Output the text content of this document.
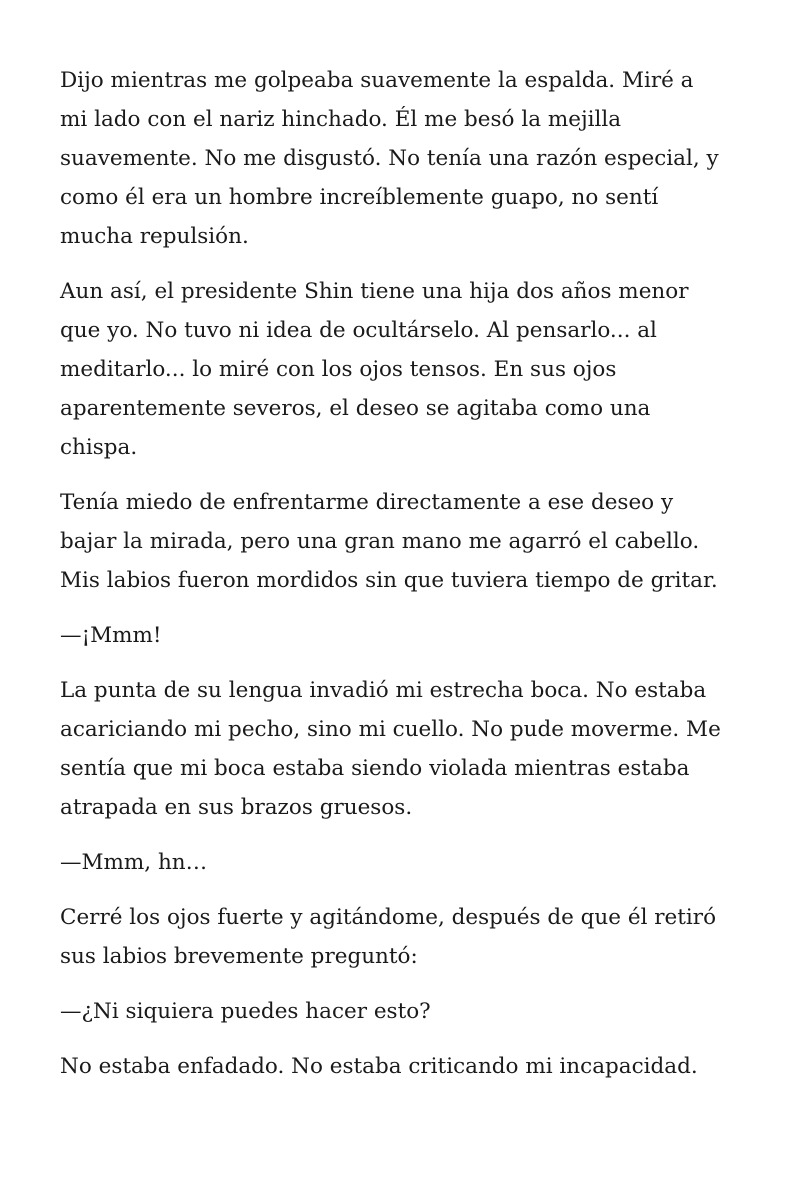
Dijo mientras me golpeaba suavemente la espalda. Miré a
mi lado con el nariz hinchado. Él me besó la mejilla
suavemente. No me disgustó. No tenía una razón especial, y
como él era un hombre increíblemente guapo, no sentí
mucha repulsión.

Aun así, el presidente Shin tiene una hija dos años menor
que yo. No tuvo ni idea de ocultárselo. Al pensarlo... al
meditarlo... lo miré con los ojos tensos. En sus ojos
aparentemente severos, el deseo se agitaba como una
chispa.

Tenía miedo de enfrentarme directamente a ese deseo y
bajar la mirada, pero una gran mano me agarró el cabello.
Mis labios fueron mordidos sin que tuviera tiempo de gritar.

—¡Mmm!

La punta de su lengua invadió mi estrecha boca. No estaba
acariciando mi pecho, sino mi cuello. No pude moverme. Me
sentía que mi boca estaba siendo violada mientras estaba
atrapada en sus brazos gruesos.

—Mmm, hn…

Cerré los ojos fuerte y agitándome, después de que él retiró
sus labios brevemente preguntó:

—¿Ni siquiera puedes hacer esto?

No estaba enfadado. No estaba criticando mi incapacidad.
